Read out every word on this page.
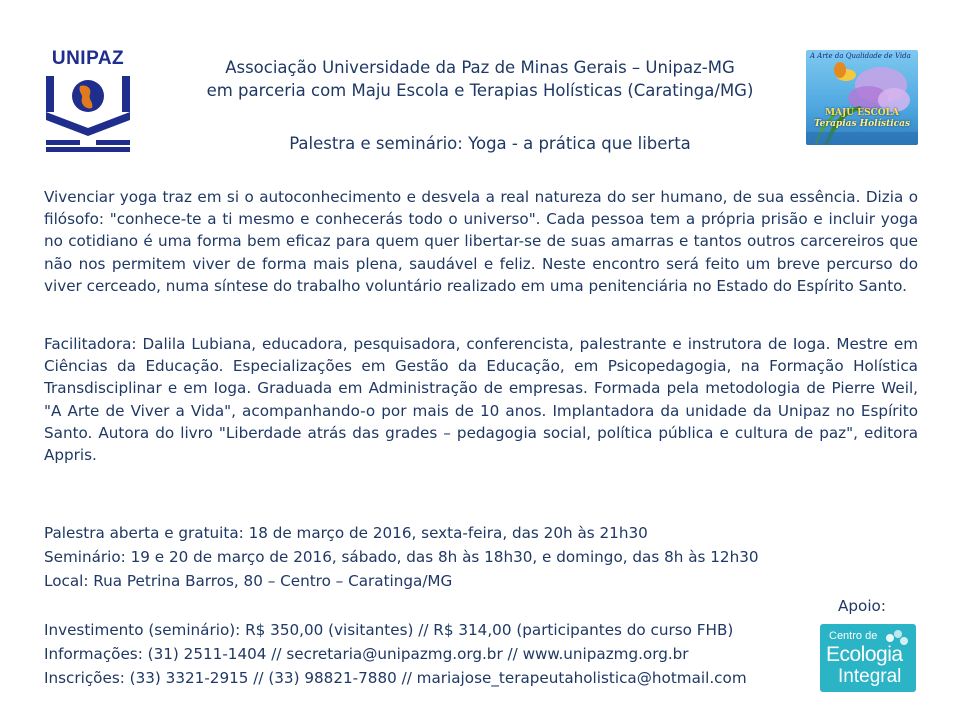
UNIPAZ	Associação Universidade da Paz de Minas Gerais – Unipaz-MG
em parceria com Maju Escola e Terapias Holísticas (Caratinga/MG)
Palestra e seminário: Yoga - a prática que liberta
A Arte da Qualidade de Vida
MAJÚ ESCOLA
Terapias Holísticas
Vivenciar yoga traz em si o autoconhecimento e desvela a real natureza do ser humano, de sua essência. Dizia o filósofo: "conhece-te a ti mesmo e conhecerás todo o universo". Cada pessoa tem a própria prisão e incluir yoga no cotidiano é uma forma bem eficaz para quem quer libertar-se de suas amarras e tantos outros carcereiros que não nos permitem viver de forma mais plena, saudável e feliz. Neste encontro será feito um breve percurso do viver cerceado, numa síntese do trabalho voluntário realizado em uma penitenciária no Estado do Espírito Santo.
Facilitadora: Dalila Lubiana, educadora, pesquisadora, conferencista, palestrante e instrutora de Ioga. Mestre em Ciências da Educação. Especializações em Gestão da Educação, em Psicopedagogia, na Formação Holística Transdisciplinar e em Ioga. Graduada em Administração de empresas. Formada pela metodologia de Pierre Weil, "A Arte de Viver a Vida", acompanhando-o por mais de 10 anos. Implantadora da unidade da Unipaz no Espírito Santo. Autora do livro "Liberdade atrás das grades – pedagogia social, política pública e cultura de paz", editora Appris.
Palestra aberta e gratuita: 18 de março de 2016, sexta-feira, das 20h às 21h30
Seminário: 19 e 20 de março de 2016, sábado, das 8h às 18h30, e domingo, das 8h às 12h30
Local: Rua Petrina Barros, 80 – Centro – Caratinga/MG
Investimento (seminário): R$ 350,00 (visitantes) // R$ 314,00 (participantes do curso FHB)
Informações: (31) 2511-1404 // secretaria@unipazmg.org.br // www.unipazmg.org.br
Inscrições: (33) 3321-2915 // (33) 98821-7880 // mariajose_terapeutaholistica@hotmail.com
Apoio:
Centro de
Ecologia
Integral
